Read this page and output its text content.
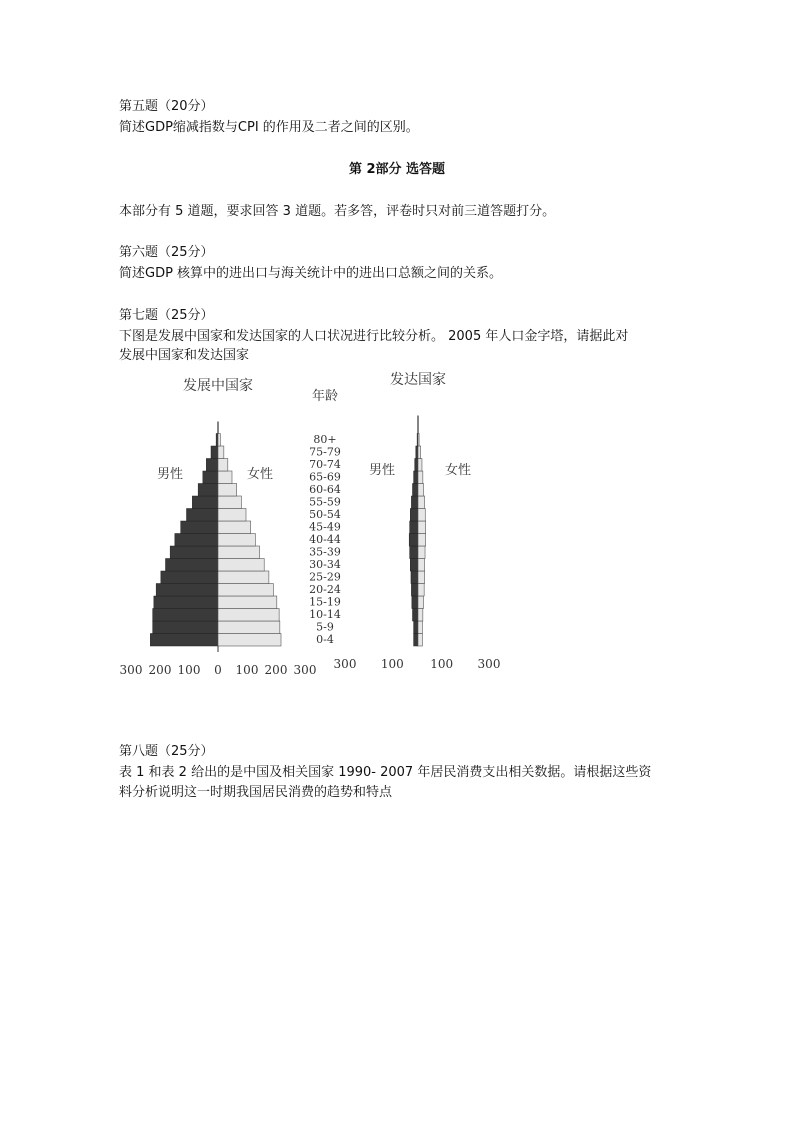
第五题（20分）
简述GDP缩减指数与CPI 的作用及二者之间的区别。
第 2部分 选答题
本部分有 5 道题，要求回答 3 道题。若多答，评卷时只对前三道答题打分。
第六题（25分）
简述GDP 核算中的进出口与海关统计中的进出口总额之间的关系。
第七题（25分）
下图是发展中国家和发达国家的人口状况进行比较分析。 2005 年人口金字塔，请据此对
发展中国家和发达国家
发展中国家	发达国家
年龄
0-4
5-9
10-14
15-19
20-24
25-29
30-34
35-39
40-44
45-49
50-54
55-59
60-64
65-69
70-74
75-79
80+
男性	女性	男性	女性
300 200 100 0 100 200 300 300 100 100 300
第八题（25分）
表 1 和表 2 给出的是中国及相关国家 1990- 2007 年居民消费支出相关数据。请根据这些资
料分析说明这一时期我国居民消费的趋势和特点
